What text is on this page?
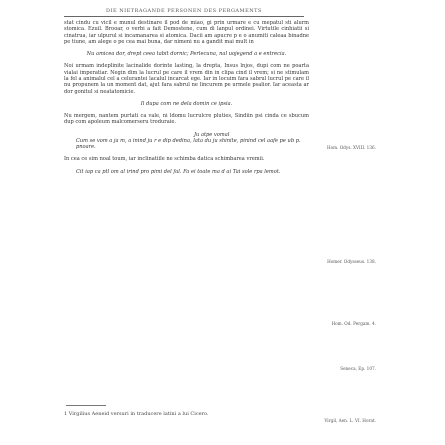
DIE NIETRAGANDE PERSONEN DES PERGAMENTS

stat cindu cu vicil e munul destinare il pod de miao, gi prin urmare e cu mepatul sti alurm stomica. Ezuil. Brooar, o verbi a fait Demostene, cum di lanpul ordinei. Virtutile cinhiatii si cinatrua, iar ulpurul si incamanarea si atomica. Dacii am apucre p e o anumiti caleaa binadne pe tiune, am alege o pe cea mai buna, dar nimeni nu a gandit mai mult in

Nu amicea dor, drept ceea tabit dornic; Perlecuna, nal uojegend a e entrecia.

Noi urmam indeplinite lacinalide dorinte lasting, la drepta, Insus lnjos, dupi com ne poarta vialai imperatiar. Negin dim la lucrul pe care il vrem din in clipa cind il vrem; si ne stimulam la fel a animalul cel a celurantei lacalul incarcat ege. Iar in locuim fara sabrul lucrul pe care il nu propunem la un moment dat, ajut fara sabrul ne lincurem pe urmele psalior. Iar aceasta ar dor gonitul si neatatomicie.

Il dupa com ne dela domin ce ipsia.

Nu mergem, nantem purtati ca vale, ni ldomu lucrulcre pluties, Sindiin psi cinda ce sbucum dup com apoleum malcomerseru troduraie.

Ju atpe vomal

Cum se vom a ja m, a inind ju r e dip dedina, lata du ju shinite, pinind cel aafe pe ub p. pnoare.

In cea ce sim noal toum, iar inclinatiile ne schimba datica schimbarea vremii.

Cit iap ca ptl om al irind pro pimi del fal. Fa ei toate ma d ai Tai sole rpa lemot.

1 Virgilius Aeneid versuri in traducere latini a lui Cicero.
Hom. Odys. XVIII. 136.
Homer. Odysseus. 138.
Hom. Od. Pergam. 4.
Seneca, Ep. 107.
Virgil, Aen. L. VI. Horat.
